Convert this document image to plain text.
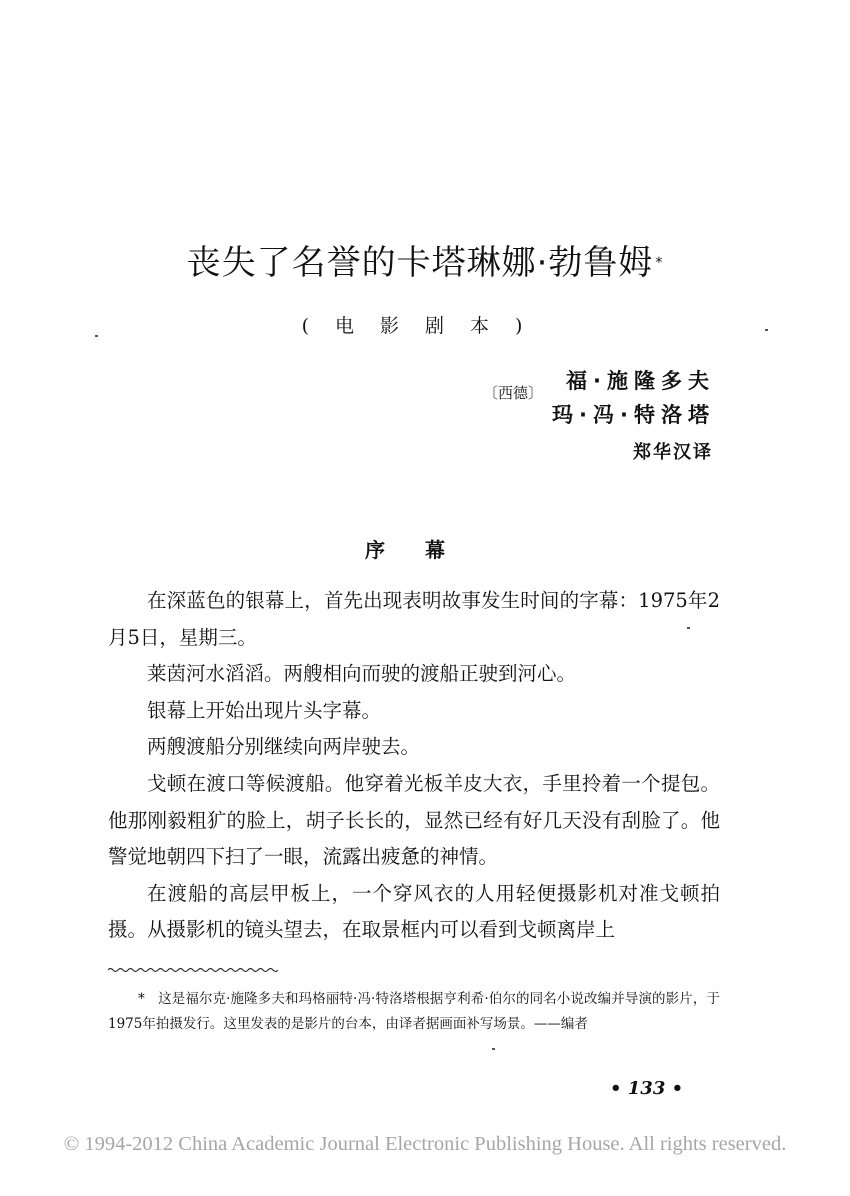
丧失了名誉的卡塔琳娜·勃鲁姆 *
(电影剧本)
〔西德〕	福·施隆多夫
玛·冯·特洛塔
郑华汉译
序幕

在深蓝色的银幕上，首先出现表明故事发生时间的字幕：1975年2月5日，星期三。

莱茵河水滔滔。两艘相向而驶的渡船正驶到河心。

银幕上开始出现片头字幕。

两艘渡船分别继续向两岸驶去。

戈顿在渡口等候渡船。他穿着光板羊皮大衣，手里拎着一个提包。他那刚毅粗犷的脸上，胡子长长的，显然已经有好几天没有刮脸了。他警觉地朝四下扫了一眼，流露出疲惫的神情。

在渡船的高层甲板上，一个穿风衣的人用轻便摄影机对准戈顿拍摄。从摄影机的镜头望去，在取景框内可以看到戈顿离岸上

* 这是福尔克·施隆多夫和玛格丽特·冯·特洛塔根据亨利希·伯尔的同名小说改编并导演的影片，于1975年拍摄发行。这里发表的是影片的台本，由译者据画面补写场景。——编者
• 133 •
© 1994-2012 China Academic Journal Electronic Publishing House. All rights reserved.
